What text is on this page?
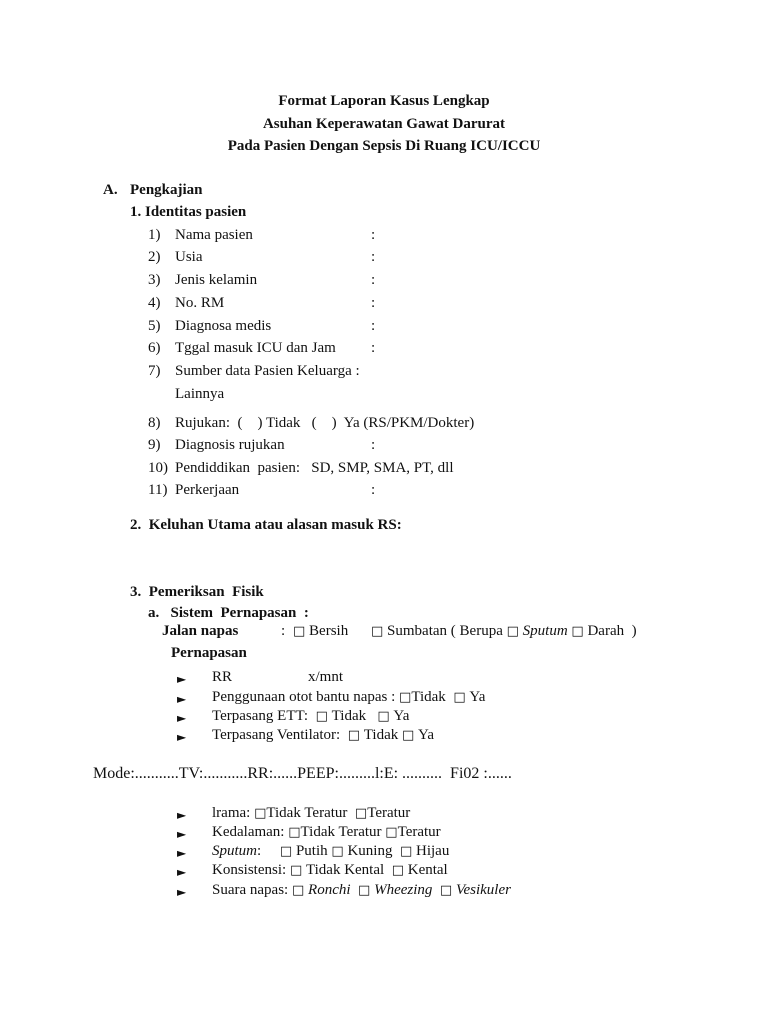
Format Laporan Kasus Lengkap
Asuhan Keperawatan Gawat Darurat
Pada Pasien Dengan Sepsis Di Ruang ICU/ICCU
A. Pengkajian
1. Identitas pasien
1) Nama pasien	:
2) Usia	:
3) Jenis kelamin	:
4) No. RM	:
5) Diagnosa medis	:
6) Tggal masuk ICU dan Jam :
7) Sumber data Pasien Keluarga :
Lainnya
8) Rujukan:  (    ) Tidak   (    )  Ya (RS/PKM/Dokter)
9) Diagnosis rujukan	:
10) Pendiddikan  pasien:   SD, SMP, SMA, PT, dll
11) Perkerjaan	:
2.  Keluhan Utama atau alasan masuk RS:
3.  Pemeriksan  Fisik
a.   Sistem  Pernapasan  :
Jalan napas	: □ Bersih □ Sumbatan ( Berupa □ Sputum □ Darah  )
Pernapasan
► RR	x/mnt
► Penggunaan otot bantu napas : □Tidak □ Ya
► Terpasang ETT: □ Tidak □ Ya
► Terpasang Ventilator: □ Tidak □ Ya
Mode:...........TV:...........RR:......PEEP:.........l:E: ..........  Fi02 :......
► lrama: □Tidak Teratur □Teratur
► Kedalaman: □Tidak Teratur □Teratur
► Sputum: □ Putih □ Kuning □ Hijau
► Konsistensi: □ Tidak Kental □ Kental
► Suara napas: □ Ronchi □ Wheezing □ Vesikuler
